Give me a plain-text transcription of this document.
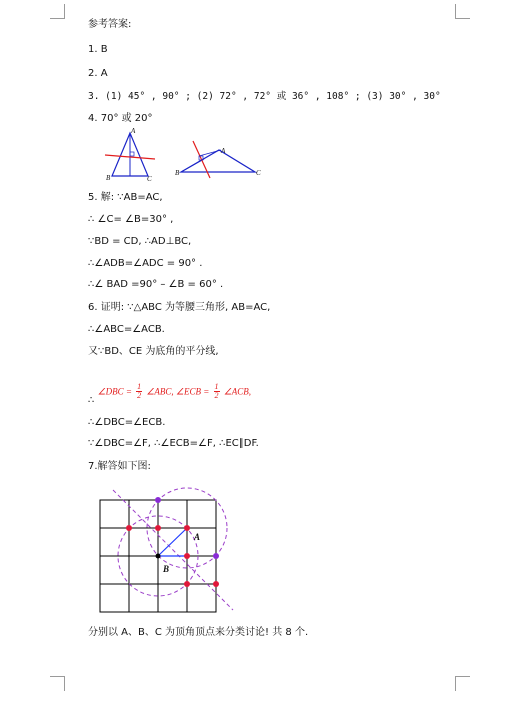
参考答案:
1. B
2. A
3. (1) 45° , 90° ; (2) 72° , 72° 或 36° , 108° ; (3) 30° , 30°
4. 70° 或 20°
A
B	C
A
B	C
5. 解: ∵AB=AC,
∴ ∠C= ∠B=30° ,
∵BD = CD, ∴AD⊥BC,
∴∠ADB=∠ADC = 90° .
∴∠ BAD =90° – ∠B = 60° .
6. 证明: ∵△ABC 为等腰三角形, AB=AC,
∴∠ABC=∠ACB.
又∵BD、CE 为底角的平分线,
∴ ∠DBC = $\frac{1}{2}$ ∠ABC, ∠ECB = $\frac{1}{2}$ ∠ACB,
∴∠DBC=∠ECB.
∵∠DBC=∠F, ∴∠ECB=∠F, ∴EC∥DF.
7.解答如下图:
A
B
分别以 A、B、C 为顶角顶点来分类讨论! 共 8 个.
